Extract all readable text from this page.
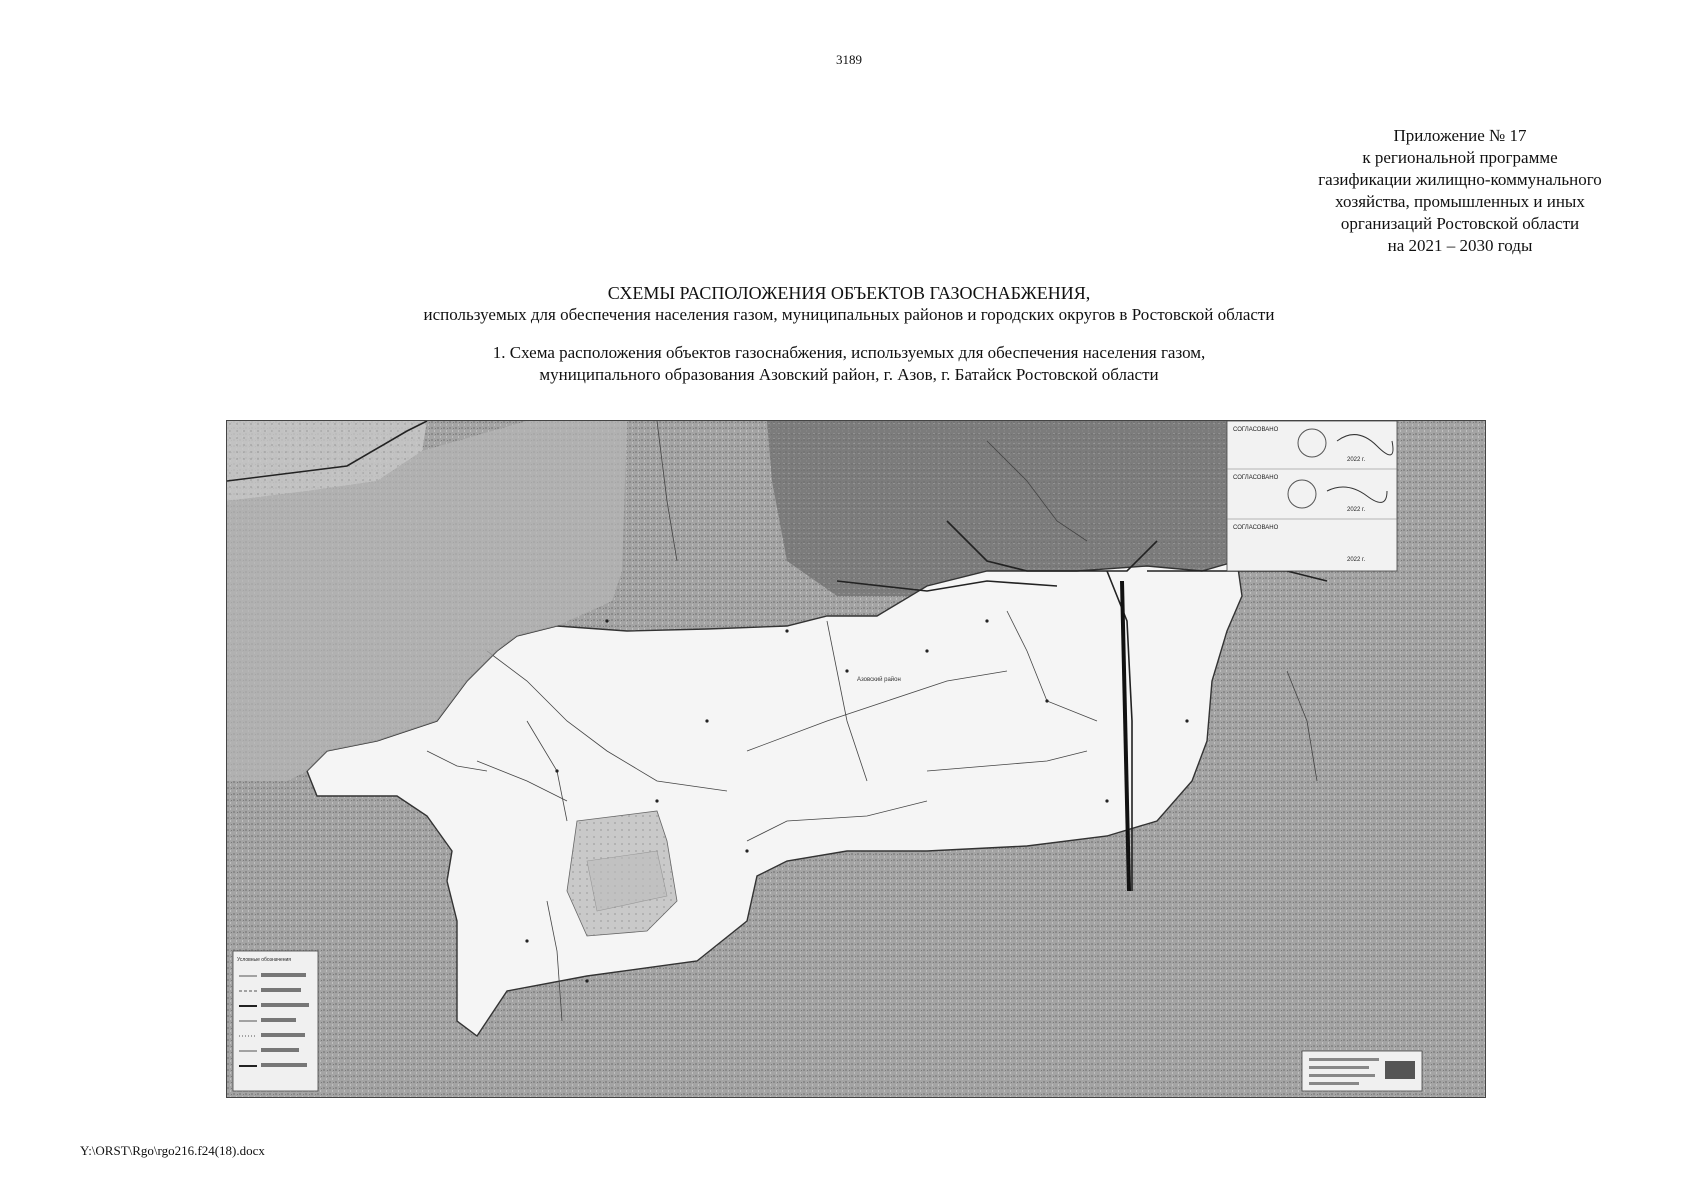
3189
Приложение № 17
к региональной программе
газификации жилищно-коммунального
хозяйства, промышленных и иных
организаций Ростовской области
на 2021 – 2030 годы
СХЕМЫ РАСПОЛОЖЕНИЯ ОБЪЕКТОВ ГАЗОСНАБЖЕНИЯ,
используемых для обеспечения населения газом, муниципальных районов и городских округов в Ростовской области
1. Схема расположения объектов газоснабжения, используемых для обеспечения населения газом,
муниципального образования Азовский район, г. Азов, г. Батайск Ростовской области
Азовский район
СОГЛАСОВАНО
2022 г.
СОГЛАСОВАНО
2022 г.
СОГЛАСОВАНО
2022 г.
Условные обозначения
Y:\ORST\Rgo\rgo216.f24(18).docx
